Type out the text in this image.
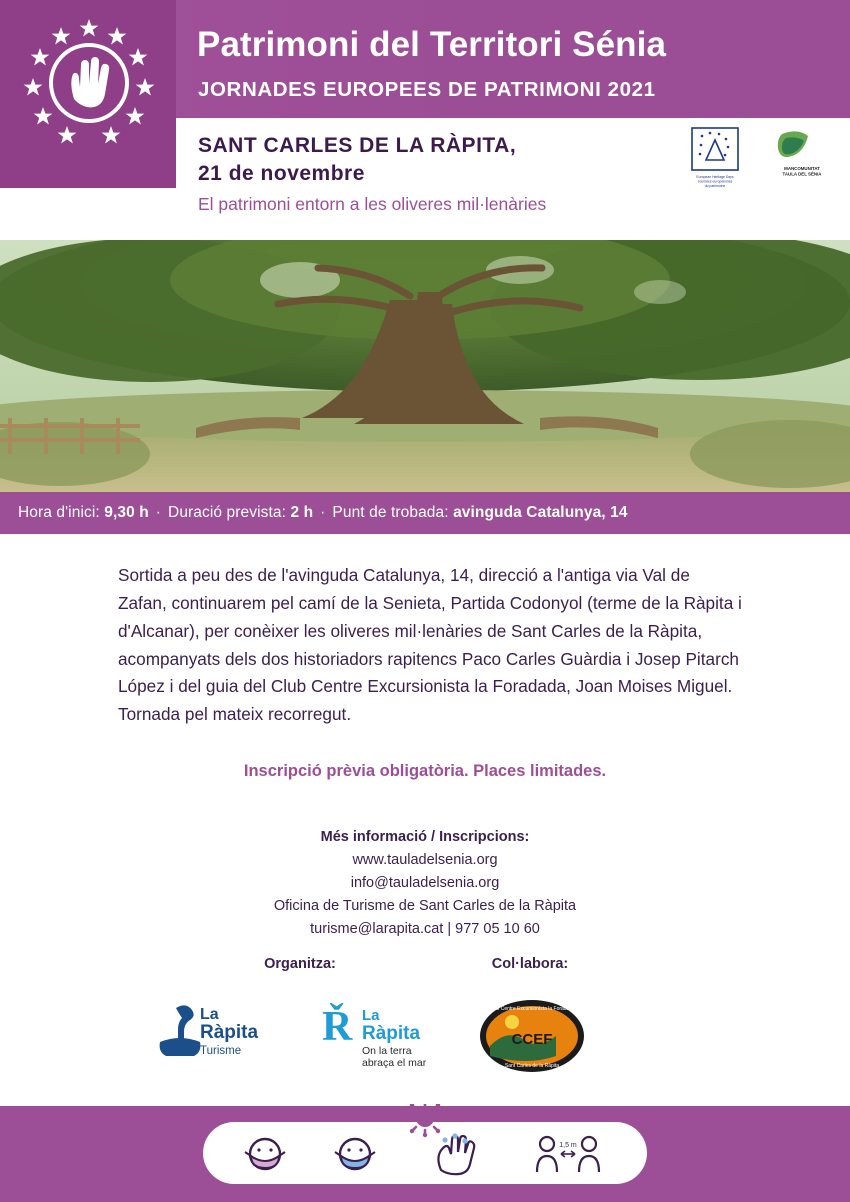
Patrimoni del Territori Sénia
JORNADES EUROPEES DE PATRIMONI 2021
SANT CARLES DE LA RÀPITA,
21 de novembre	European Heritage Days
Journées européennes
du patrimoine
MANCOMUNITAT
TAULA DEL SÉNIA
El patrimoni entorn a les oliveres mil·lenàries
Hora d'inici:
9,30 h · Duració prevista:
2 h · Punt de trobada:
avinguda Catalunya, 14
Sortida a peu des de l'avinguda Catalunya, 14, direcció a l'antiga via Val de Zafan, continuarem pel camí de la Senieta, Partida Codonyol (terme de la Ràpita i d'Alcanar), per conèixer les oliveres mil·lenàries de Sant Carles de la Ràpita, acompanyats dels dos historiadors rapitencs Paco Carles Guàrdia i Josep Pitarch López i del guia del Club Centre Excursionista la Foradada, Joan Moises Miguel. Tornada pel mateix recorregut.
Inscripció prèvia obligatòria. Places limitades.
Més informació / Inscripcions:
www.tauladelsenia.org
info@tauladelsenia.org
Oficina de Turisme de Sant Carles de la Ràpita
turisme@larapita.cat | 977 05 10 60
Organitza:	Col·labora:
La
Ràpita
Turisme
Ř La
Ràpita
On la terra
abraça el mar
CCEF
Club Centre Excursionista la Foradada
Sant Carles de la Ràpita
1,5 m
